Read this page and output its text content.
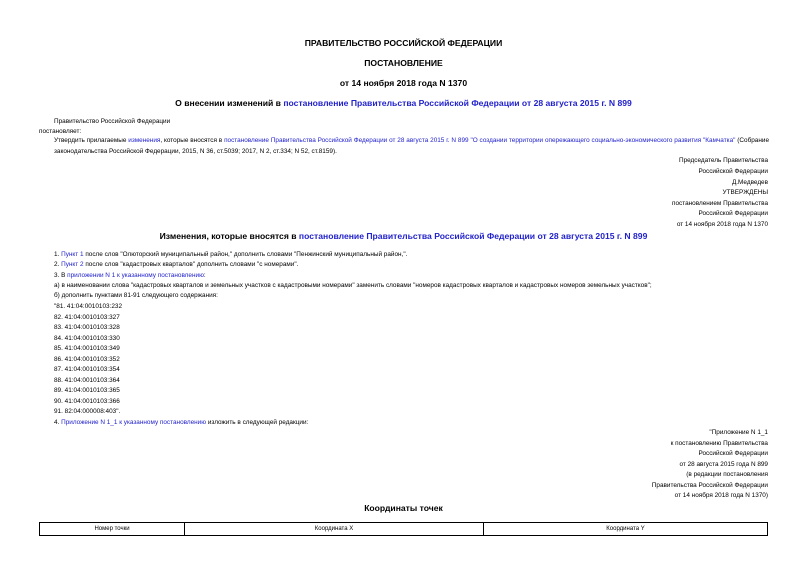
ПРАВИТЕЛЬСТВО РОССИЙСКОЙ ФЕДЕРАЦИИ
ПОСТАНОВЛЕНИЕ
от 14 ноября 2018 года N 1370
О внесении изменений в постановление Правительства Российской Федерации от 28 августа 2015 г. N 899
Правительство Российской Федерации
постановляет:
Утвердить прилагаемые изменения, которые вносятся в постановление Правительства Российской Федерации от 28 августа 2015 г. N 899 "О создании территории опережающего социально-экономического развития "Камчатка" (Собрание законодательства Российской Федерации, 2015, N 36, ст.5039; 2017, N 2, ст.334; N 52, ст.8159).
Председатель Правительства
Российской Федерации
Д.Медведев
УТВЕРЖДЕНЫ
постановлением Правительства
Российской Федерации
от 14 ноября 2018 года N 1370
Изменения, которые вносятся в постановление Правительства Российской Федерации от 28 августа 2015 г. N 899
1. Пункт 1 после слов "Олюторский муниципальный район," дополнить словами "Пенжинский муниципальный район,".
2. Пункт 2 после слов "кадастровых кварталов" дополнить словами "с номерами".
3. В приложении N 1 к указанному постановлению:
а) в наименовании слова "кадастровых кварталов и земельных участков с кадастровыми номерами" заменить словами "номеров кадастровых кварталов и кадастровых номеров земельных участков";
б) дополнить пунктами 81-91 следующего содержания:
"81. 41:04:0010103:232
82. 41:04:0010103:327
83. 41:04:0010103:328
84. 41:04:0010103:330
85. 41:04:0010103:349
86. 41:04:0010103:352
87. 41:04:0010103:354
88. 41:04:0010103:364
89. 41:04:0010103:365
90. 41:04:0010103:366
91. 82:04:000008:403".
4. Приложение N 1_1 к указанному постановлению изложить в следующей редакции:
"Приложение N 1_1
к постановлению Правительства
Российской Федерации
от 28 августа 2015 года N 899
(в редакции постановления
Правительства Российской Федерации
от 14 ноября 2018 года N 1370)
Координаты точек
Номер точки	Координата X	Координата Y
